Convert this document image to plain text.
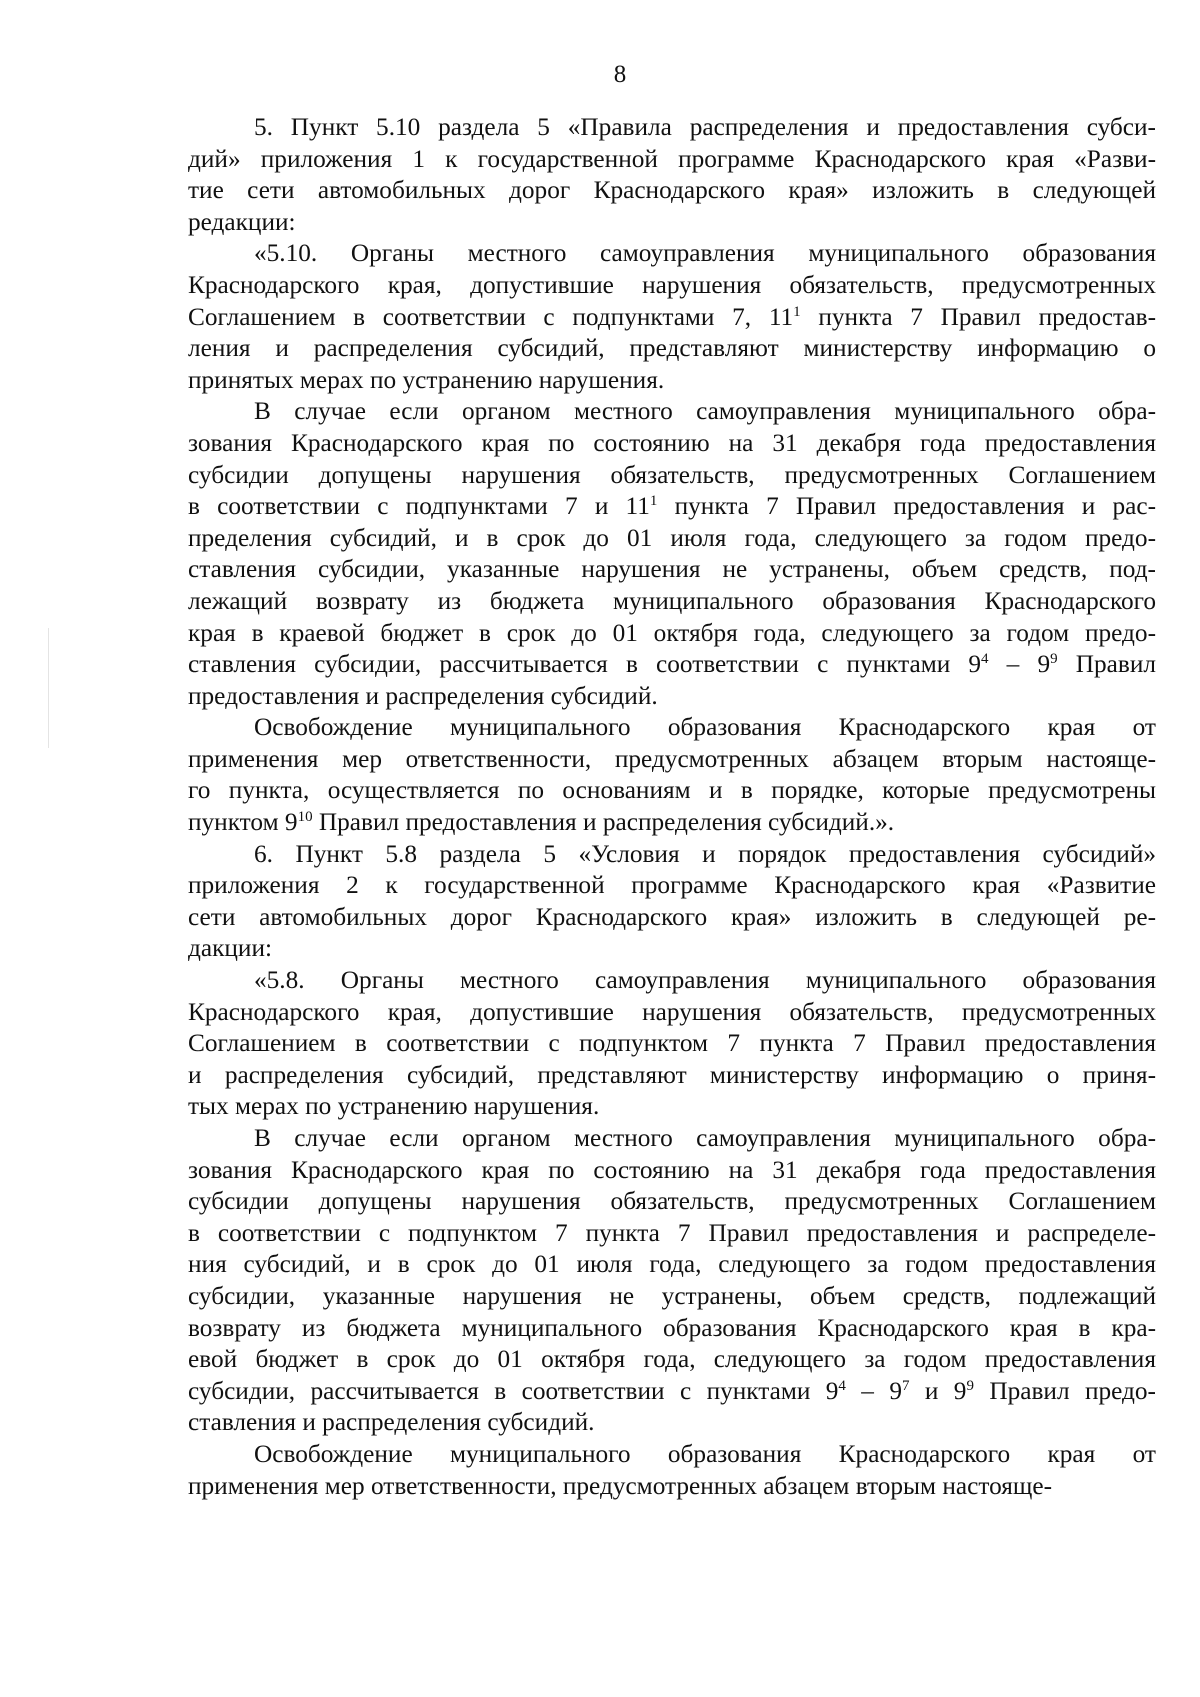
8

5. Пункт 5.10 раздела 5 «Правила распределения и предоставления субси-
дий» приложения 1 к государственной программе Краснодарского края «Разви-
тие сети автомобильных дорог Краснодарского края» изложить в следующей
редакции:

«5.10. Органы местного самоуправления муниципального образования
Краснодарского края, допустившие нарушения обязательств, предусмотренных
Соглашением в соответствии с подпунктами 7, $11^1$ пункта 7 Правил предостав-
ления и распределения субсидий, представляют министерству информацию о
принятых мерах по устранению нарушения.

В случае если органом местного самоуправления муниципального обра-
зования Краснодарского края по состоянию на 31 декабря года предоставления
субсидии допущены нарушения обязательств, предусмотренных Соглашением
в соответствии с подпунктами 7 и $11^1$ пункта 7 Правил предоставления и рас-
пределения субсидий, и в срок до 01 июля года, следующего за годом предо-
ставления субсидии, указанные нарушения не устранены, объем средств, под-
лежащий возврату из бюджета муниципального образования Краснодарского
края в краевой бюджет в срок до 01 октября года, следующего за годом предо-
ставления субсидии, рассчитывается в соответствии с пунктами $9^4 - 9^9$ Правил
предоставления и распределения субсидий.

Освобождение муниципального образования Краснодарского края от
применения мер ответственности, предусмотренных абзацем вторым настояще-
го пункта, осуществляется по основаниям и в порядке, которые предусмотрены
пунктом $9^{10}$ Правил предоставления и распределения субсидий.».

6. Пункт 5.8 раздела 5 «Условия и порядок предоставления субсидий»
приложения 2 к государственной программе Краснодарского края «Развитие
сети автомобильных дорог Краснодарского края» изложить в следующей ре-
дакции:

«5.8. Органы местного самоуправления муниципального образования
Краснодарского края, допустившие нарушения обязательств, предусмотренных
Соглашением в соответствии с подпунктом 7 пункта 7 Правил предоставления
и распределения субсидий, представляют министерству информацию о приня-
тых мерах по устранению нарушения.

В случае если органом местного самоуправления муниципального обра-
зования Краснодарского края по состоянию на 31 декабря года предоставления
субсидии допущены нарушения обязательств, предусмотренных Соглашением
в соответствии с подпунктом 7 пункта 7 Правил предоставления и распределе-
ния субсидий, и в срок до 01 июля года, следующего за годом предоставления
субсидии, указанные нарушения не устранены, объем средств, подлежащий
возврату из бюджета муниципального образования Краснодарского края в кра-
евой бюджет в срок до 01 октября года, следующего за годом предоставления
субсидии, рассчитывается в соответствии с пунктами $9^4 - 9^7$ и $9^9$ Правил предо-
ставления и распределения субсидий.

Освобождение муниципального образования Краснодарского края от
применения мер ответственности, предусмотренных абзацем вторым настояще-
